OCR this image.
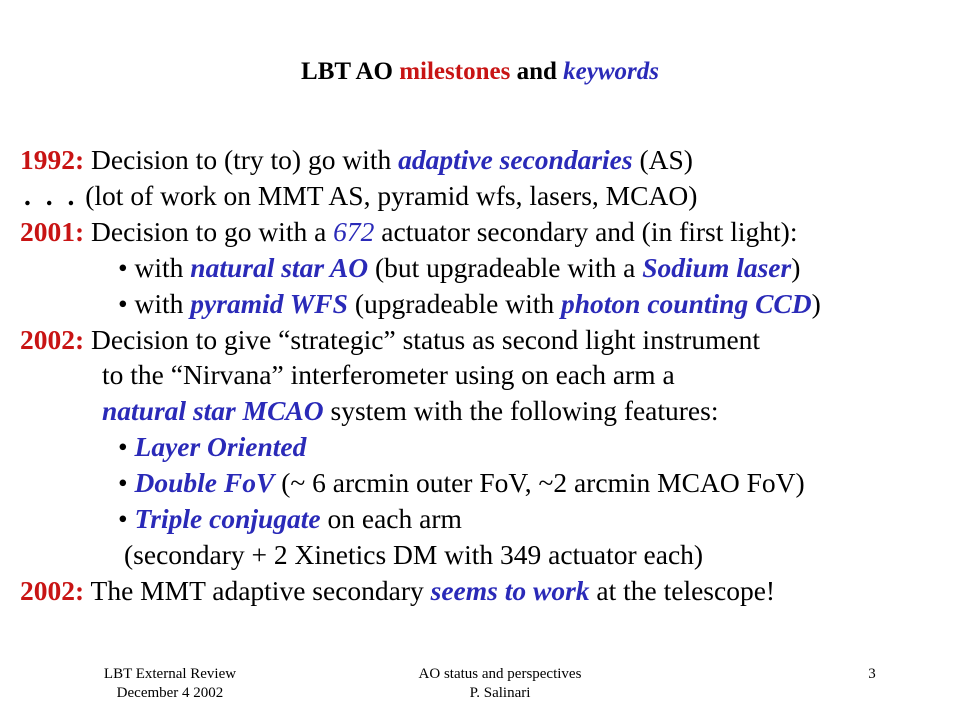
LBT AO milestones and keywords
1992: Decision to (try to) go with adaptive secondaries (AS)
. . . (lot of work on MMT AS, pyramid wfs, lasers, MCAO)
2001: Decision to go with a 672 actuator secondary and (in first light):
• with natural star AO (but upgradeable with a Sodium laser)
• with pyramid WFS (upgradeable with photon counting CCD)
2002: Decision to give “strategic” status as second light instrument
to the “Nirvana” interferometer using on each arm a
natural star MCAO system with the following features:
• Layer Oriented
• Double FoV (~ 6 arcmin outer FoV, ~2 arcmin MCAO FoV)
• Triple conjugate on each arm
(secondary + 2 Xinetics DM with 349 actuator each)
2002: The MMT adaptive secondary seems to work at the telescope!
LBT External Review
December 4 2002
AO status and perspectives
P. Salinari
3
